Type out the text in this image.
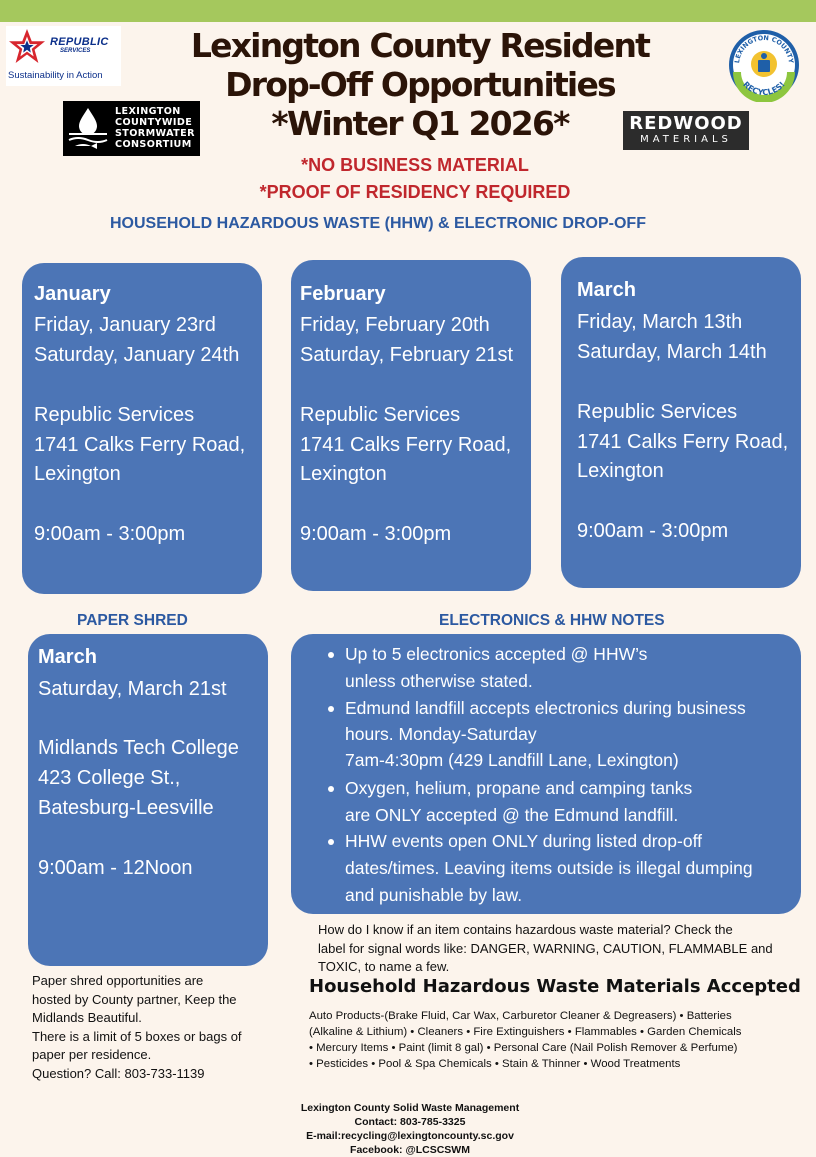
REPUBLIC
SERVICES
Sustainability in Action
Lexington County Resident
Drop-Off Opportunities
*Winter Q1 2026*
LEXINGTON COUNTY
RECYCLES!
LEXINGTON
COUNTYWIDE
STORMWATER
CONSORTIUM
REDWOOD
MATERIALS
*NO BUSINESS MATERIAL
*PROOF OF RESIDENCY REQUIRED
HOUSEHOLD HAZARDOUS WASTE (HHW) & ELECTRONIC DROP-OFF
January
Friday, January 23rd
Saturday, January 24th
Republic Services
1741 Calks Ferry Road,
Lexington
9:00am - 3:00pm
February
Friday, February 20th
Saturday, February 21st
Republic Services
1741 Calks Ferry Road,
Lexington
9:00am - 3:00pm
March
Friday, March 13th
Saturday, March 14th
Republic Services
1741 Calks Ferry Road,
Lexington
9:00am - 3:00pm
PAPER SHRED
March
Saturday, March 21st
Midlands Tech College
423 College St.,
Batesburg-Leesville
9:00am - 12Noon
Paper shred opportunities are
hosted by County partner, Keep the
Midlands Beautiful.
There is a limit of 5 boxes or bags of
paper per residence.
Question? Call: 803-733-1139
ELECTRONICS & HHW NOTES
Up to 5 electronics accepted @ HHW’s
unless otherwise stated.
Edmund landfill accepts electronics during business
hours. Monday-Saturday
7am-4:30pm (429 Landfill Lane, Lexington)
Oxygen, helium, propane and camping tanks
are ONLY accepted @ the Edmund landfill.
HHW events open ONLY during listed drop-off
dates/times. Leaving items outside is illegal dumping
and punishable by law.
How do I know if an item contains hazardous waste material? Check the
label for signal words like: DANGER, WARNING, CAUTION, FLAMMABLE and
TOXIC, to name a few.
Household Hazardous Waste Materials Accepted
Auto Products-(Brake Fluid, Car Wax, Carburetor Cleaner & Degreasers) • Batteries
(Alkaline & Lithium) • Cleaners • Fire Extinguishers • Flammables • Garden Chemicals
• Mercury Items • Paint (limit 8 gal) • Personal Care (Nail Polish Remover & Perfume)
• Pesticides • Pool & Spa Chemicals • Stain & Thinner • Wood Treatments
Lexington County Solid Waste Management
Contact: 803-785-3325
E-mail:recycling@lexingtoncounty.sc.gov
Facebook: @LCSCSWM
